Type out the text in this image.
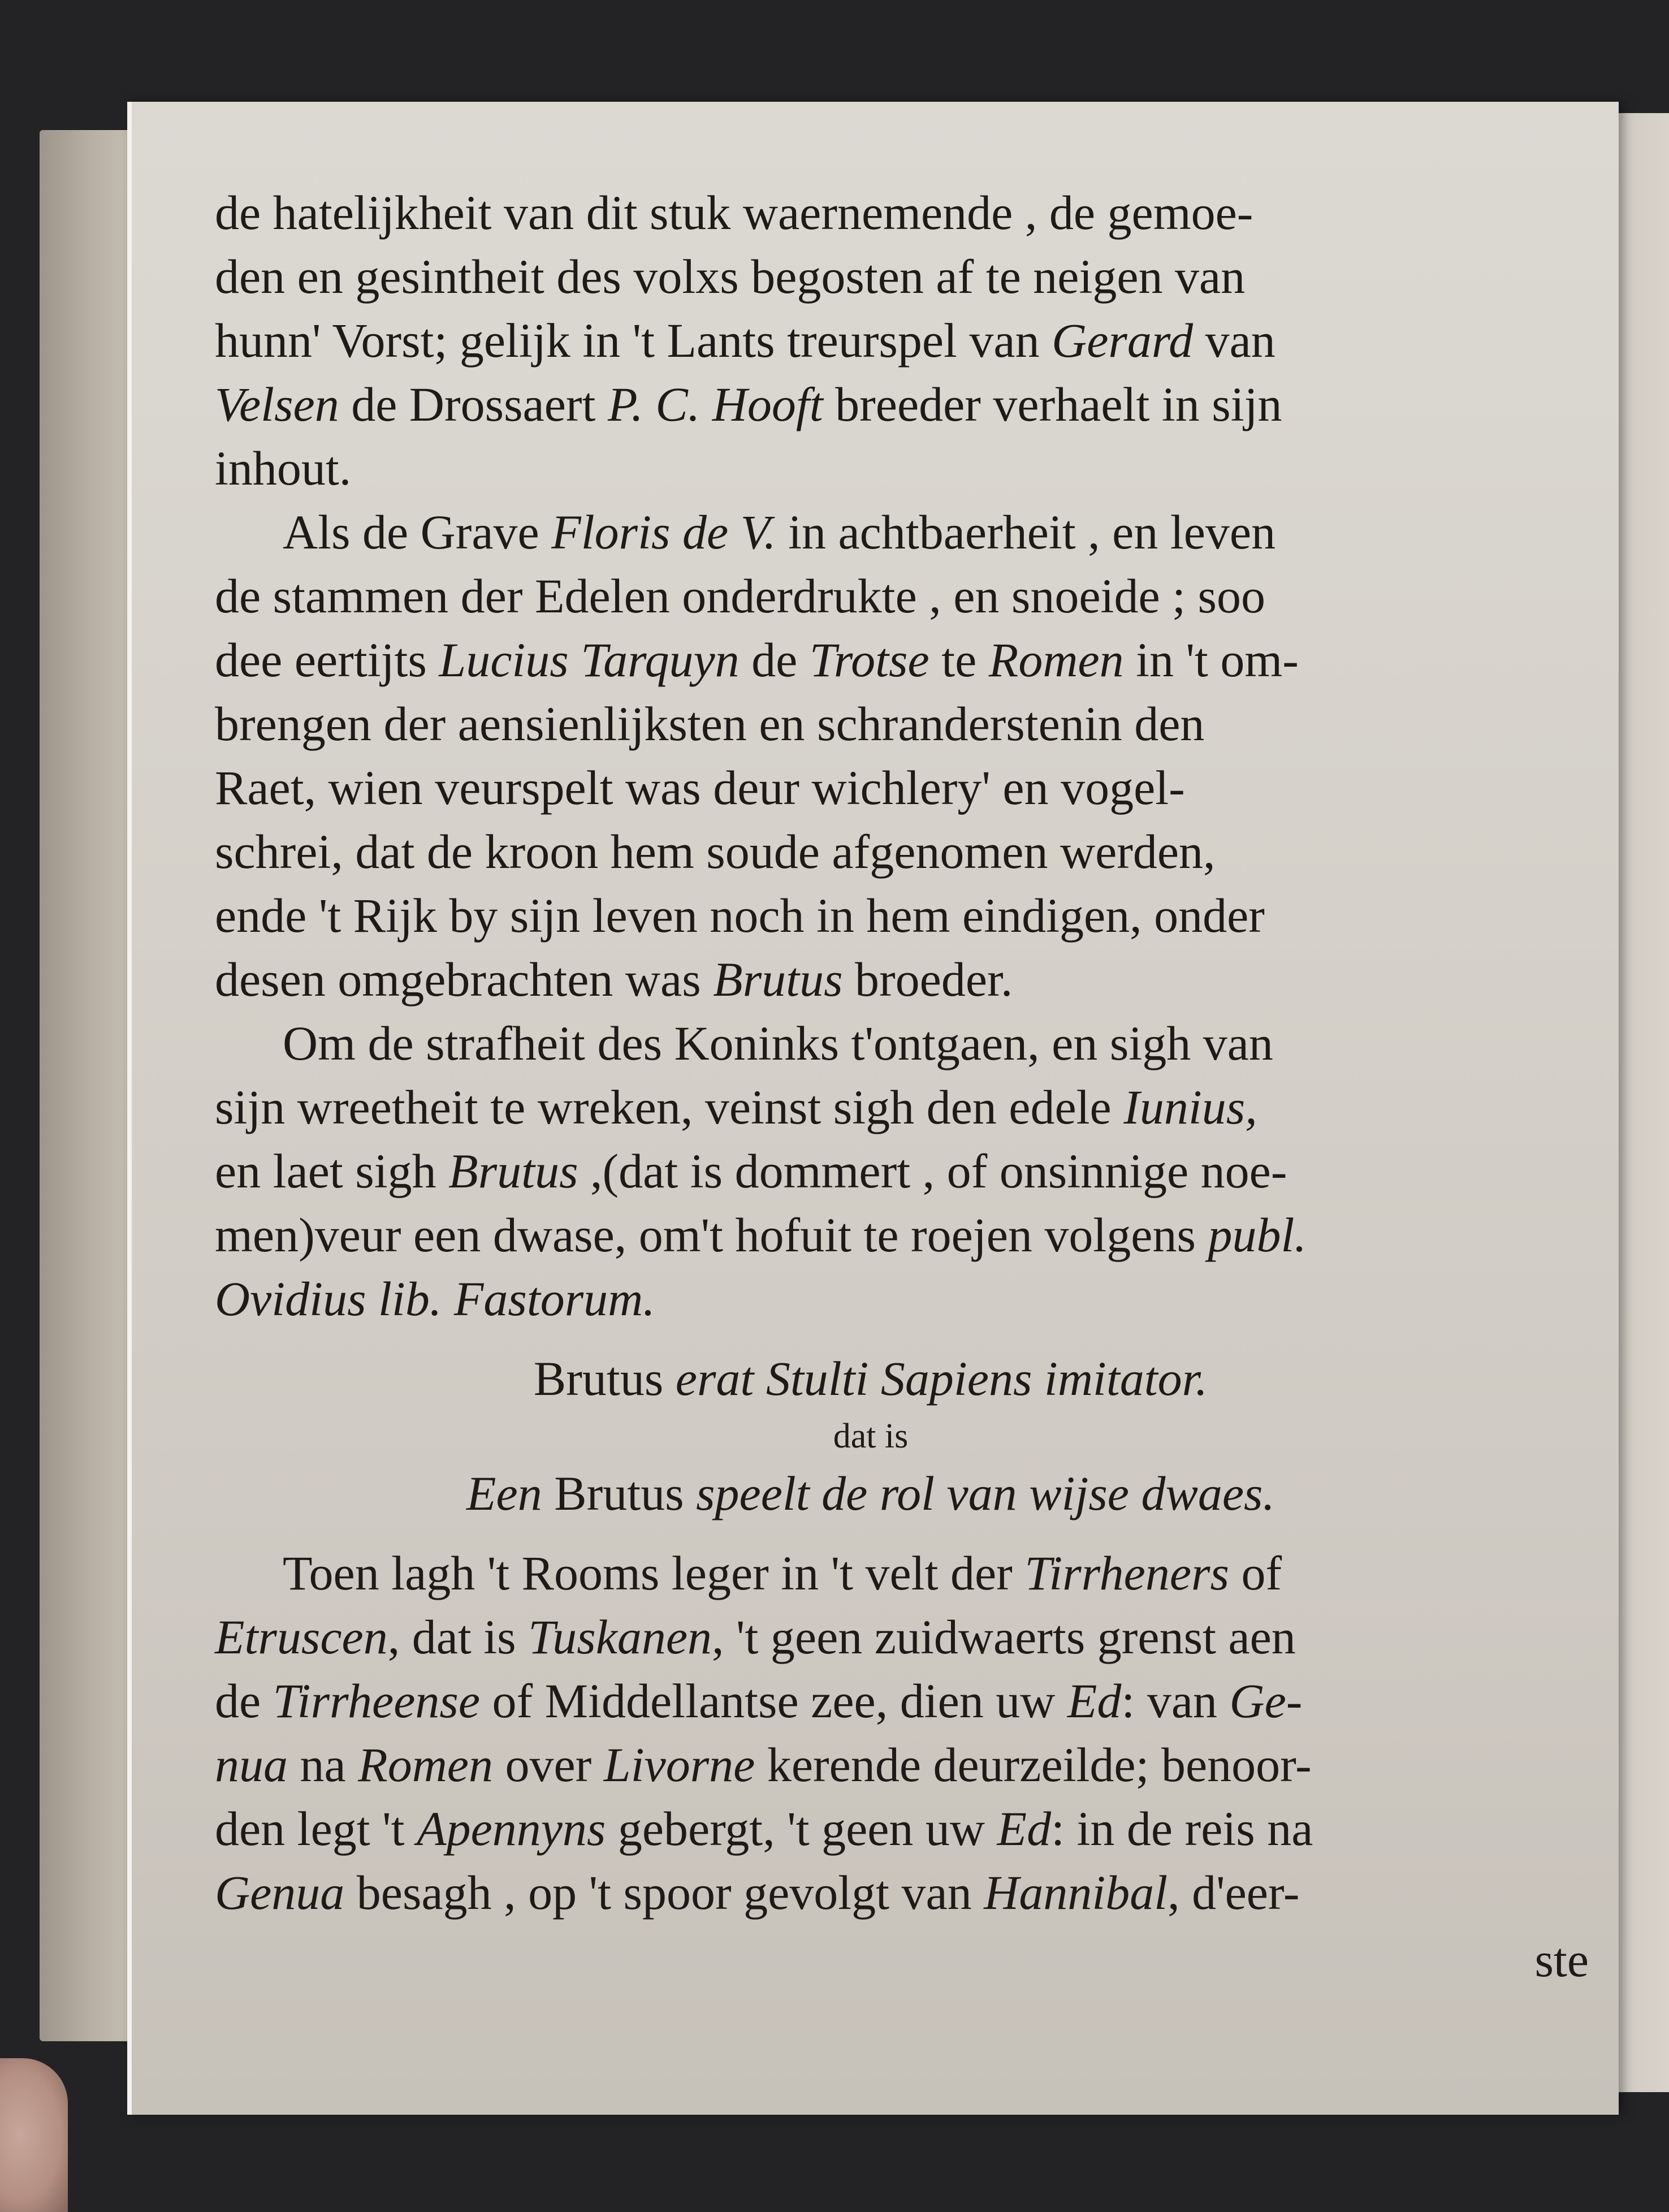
de hatelijkheit van dit stuk waernemende , de gemoe-
den en gesintheit des volxs begosten af te neigen van
hunn' Vorst; gelijk in 't Lants treurspel van Gerard van
Velsen de Drossaert P. C. Hooft breeder verhaelt in sijn
inhout.
Als de Grave Floris de V. in achtbaerheit , en leven
de stammen der Edelen onderdrukte , en snoeide ; soo
dee eertijts Lucius Tarquyn de Trotse te Romen in 't om-
brengen der aensienlijksten en schranderstenin den
Raet, wien veurspelt was deur wichlery' en vogel-
schrei, dat de kroon hem soude afgenomen werden,
ende 't Rijk by sijn leven noch in hem eindigen, onder
desen omgebrachten was Brutus broeder.
Om de strafheit des Koninks t'ontgaen, en sigh van
sijn wreetheit te wreken, veinst sigh den edele Iunius,
en laet sigh Brutus ,(dat is dommert , of onsinnige noe-
men)veur een dwase, om't hofuit te roejen volgens publ.
Ovidius lib. Fastorum.
Brutus erat Stulti Sapiens imitator.
dat is
Een Brutus speelt de rol van wijse dwaes.
Toen lagh 't Rooms leger in 't velt der Tirrheners of
Etruscen, dat is Tuskanen, 't geen zuidwaerts grenst aen
de Tirrheense of Middellantse zee, dien uw Ed: van Ge-
nua na Romen over Livorne kerende deurzeilde; benoor-
den legt 't Apennyns gebergt, 't geen uw Ed: in de reis na
Genua besagh , op 't spoor gevolgt van Hannibal, d'eer-
ste
